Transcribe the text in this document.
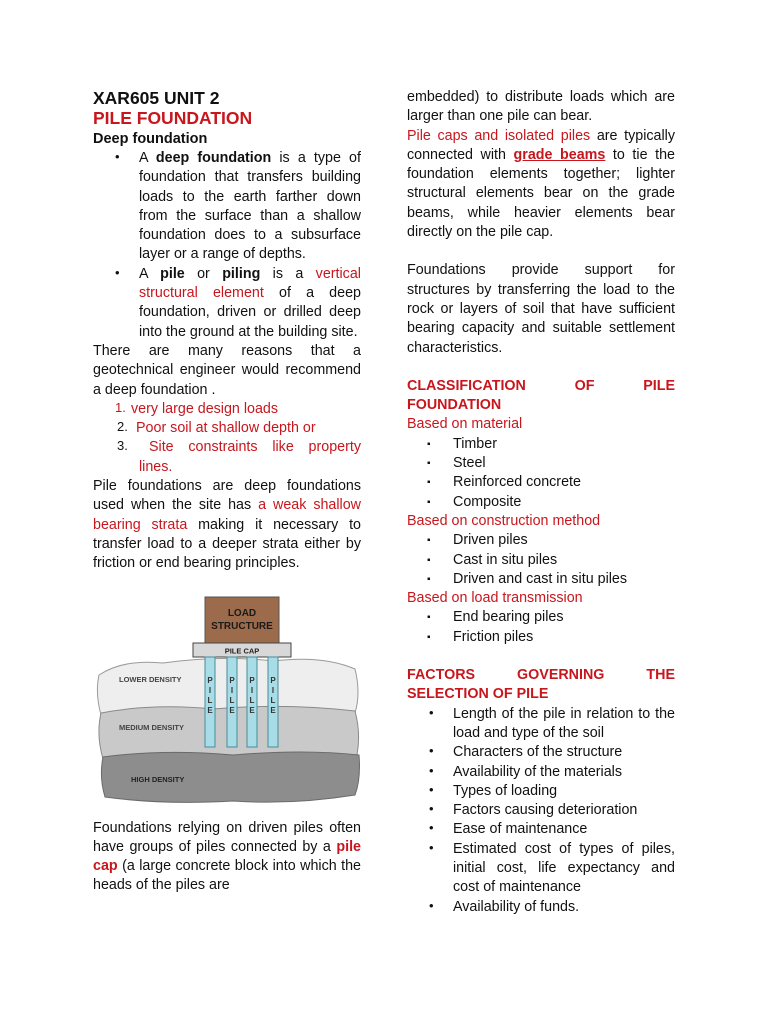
XAR605 UNIT 2

PILE FOUNDATION

Deep foundation

• A deep foundation is a type of foundation that transfers building loads to the earth farther down from the surface than a shallow foundation does to a subsurface layer or a range of depths.

• A pile or piling is a vertical structural element of a deep foundation, driven or drilled deep into the ground at the building site.

There are many reasons that a geotechnical engineer would recommend a deep foundation .

1. very large design loads

2. Poor soil at shallow depth or

3.	Site constraints like property lines.

Pile foundations are deep foundations used when the site has a weak shallow bearing strata making it necessary to transfer load to a deeper strata either by friction or end bearing principles.

LOAD STRUCTURE
PILE CAP
LOWER DENSITY
MEDIUM DENSITY
HIGH DENSITY
P
I
L
E
P
I
L
E
P
I
L
E
P
I
L
E

Foundations relying on driven piles often have groups of piles connected by a pile cap (a large concrete block into which the heads of the piles are

embedded) to distribute loads which are larger than one pile can bear.

Pile caps and isolated piles are typically connected with grade beams to tie the foundation elements together; lighter structural elements bear on the grade beams, while heavier elements bear directly on the pile cap.

Foundations provide support for structures by transferring the load to the rock or layers of soil that have sufficient bearing capacity and suitable settlement characteristics.

CLASSIFICATION OF PILE FOUNDATION

Based on material

▪ Timber
▪ Steel
▪ Reinforced concrete
▪ Composite

Based on construction method

▪ Driven piles
▪ Cast in situ piles
▪ Driven and cast in situ piles

Based on load transmission

▪ End bearing piles
▪ Friction piles

FACTORS GOVERNING THE SELECTION OF PILE

• Length of the pile in relation to the load and type of the soil

• Characters of the structure

• Availability of the materials

• Types of loading

• Factors causing deterioration

• Ease of maintenance

• Estimated cost of types of piles, initial cost, life expectancy and cost of maintenance

• Availability of funds.
